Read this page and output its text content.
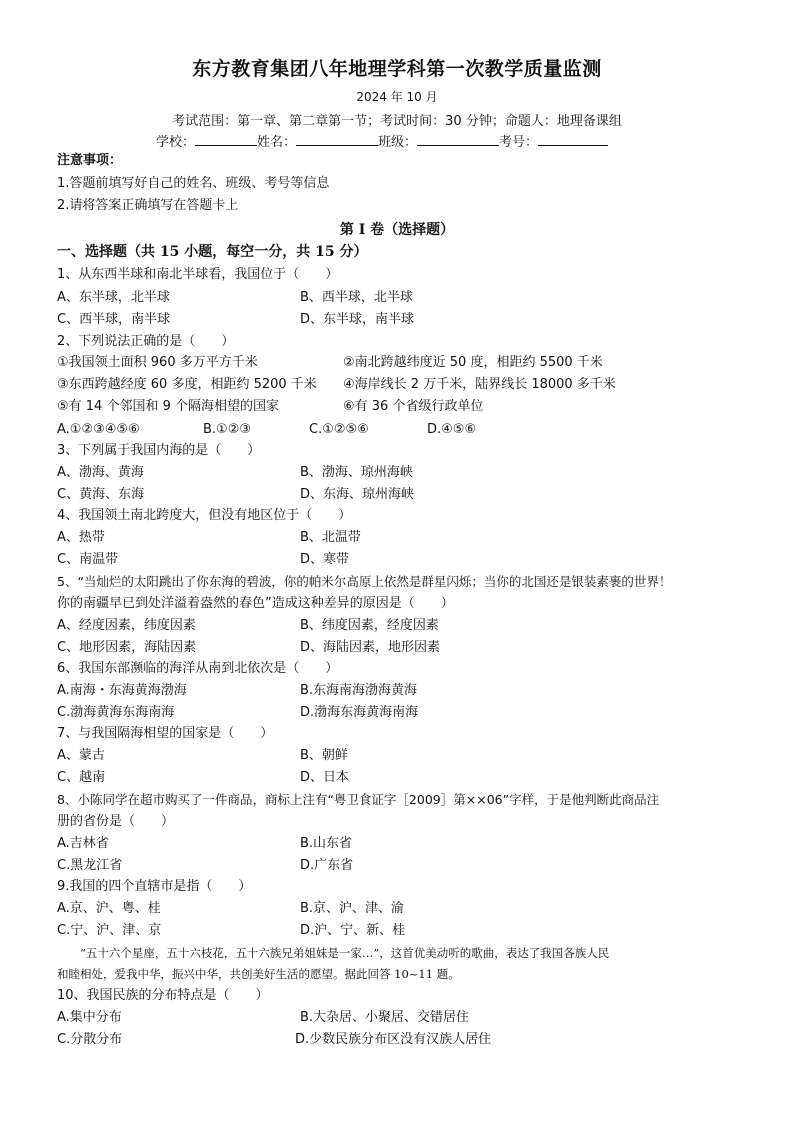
东方教育集团八年地理学科第一次教学质量监测
2024 年 10 月
考试范围：第一章、第二章第一节；考试时间：30 分钟；命题人：地理备课组
学校：	姓名：	班级：	考号：
注意事项：
1.答题前填写好自己的姓名、班级、考号等信息
2.请将答案正确填写在答题卡上
第 I 卷（选择题）
一、选择题（共 15 小题，每空一分，共 15 分）
1、从东西半球和南北半球看，我国位于（　　）
A、东半球，北半球	B、西半球，北半球
C、西半球，南半球	D、东半球，南半球
2、下列说法正确的是（　　）
①我国领土面积 960 多万平方千米	②南北跨越纬度近 50 度，相距约 5500 千米
③东西跨越经度 60 多度，相距约 5200 千米 ④海岸线长 2 万千米，陆界线长 18000 多千米
⑤有 14 个邻国和 9 个隔海相望的国家	⑥有 36 个省级行政单位
A.①②③④⑤⑥	B.①②③	C.①②⑤⑥	D.④⑤⑥
3、下列属于我国内海的是（　　）
A、渤海、黄海	B、渤海、琼州海峡
C、黄海、东海	D、东海、琼州海峡
4、我国领土南北跨度大，但没有地区位于（　　）
A、热带	B、北温带
C、南温带	D、寒带
5、“当灿烂的太阳跳出了你东海的碧波，你的帕米尔高原上依然是群星闪烁；当你的北国还是银装素裹的世界！
你的南疆早已到处洋溢着盎然的春色”造成这种差异的原因是（　　）
A、经度因素，纬度因素	B、纬度因素，经度因素
C、地形因素，海陆因素	D、海陆因素，地形因素
6、我国东部濒临的海洋从南到北依次是（　　）
A.南海・东海黄海渤海	B.东海南海渤海黄海
C.渤海黄海东海南海	D.渤海东海黄海南海
7、与我国隔海相望的国家是（　　）
A、蒙古	B、朝鲜
C、越南	D、日本
8、小陈同学在超市购买了一件商品，商标上注有“粤卫食证字［2009］第××06”字样，于是他判断此商品注
册的省份是（　　）
A.吉林省	B.山东省
C.黑龙江省	D.广东省
9.我国的四个直辖市是指（　　）
A.京、沪、粤、桂	B.京、沪、津、渝
C.宁、沪、津、京	D.沪、宁、新、桂
　　“五十六个星座，五十六枝花，五十六族兄弟姐妹是一家…”，这首优美动听的歌曲，表达了我国各族人民
和睦相处，爱我中华，振兴中华，共创美好生活的愿望。据此回答 10~11 题。
10、我国民族的分布特点是（　　）
A.集中分布	B.大杂居、小聚居、交错居住
C.分散分布	D.少数民族分布区没有汉族人居住
